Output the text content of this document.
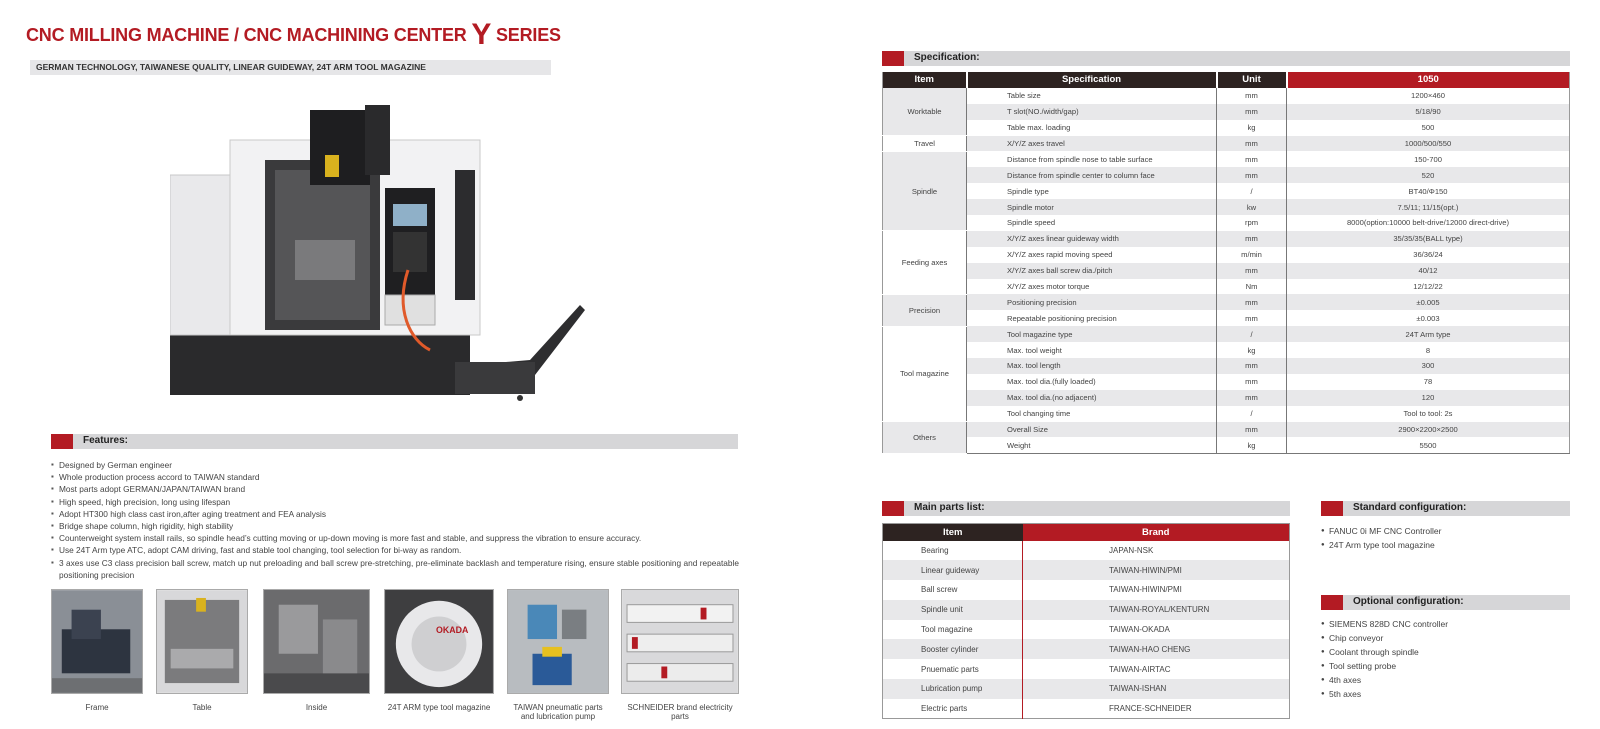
CNC MILLING MACHINE / CNC MACHINING CENTER Y SERIES
GERMAN TECHNOLOGY, TAIWANESE QUALITY, LINEAR GUIDEWAY, 24T ARM TOOL MAGAZINE
Features:
▪ Designed by German engineer
▪ Whole production process accord to TAIWAN standard
▪ Most parts adopt GERMAN/JAPAN/TAIWAN brand
▪ High speed, high precision, long using lifespan
▪ Adopt HT300 high class cast iron,after aging treatment and FEA analysis
▪ Bridge shape column, high rigidity, high stability
▪ Counterweight system install rails, so spindle head’s cutting moving or up-down moving is more fast and stable, and suppress the vibration to ensure accuracy.
▪ Use 24T Arm type ATC, adopt CAM driving, fast and stable tool changing, tool selection for bi-way as random.
▪ 3 axes use C3 class precision ball screw, match up nut preloading and ball screw pre-stretching, pre-eliminate backlash and temperature rising, ensure stable positioning and repeatable positioning precision
Frame	Table	Inside
OKADA
24T ARM type tool magazine	TAIWAN pneumatic parts and lubrication pump
SCHNEIDER brand electricity parts
Specification:
Item	Specification	Unit	1050
Worktable	Table size	mm	1200×460
	T slot(NO./width/gap)	mm	5/18/90
	Table max. loading	kg	500
Travel	X/Y/Z axes travel	mm	1000/500/550
Spindle	Distance from spindle nose to table surface	mm	150-700
	Distance from spindle center to column face	mm	520
	Spindle type	/	BT40/Φ150
	Spindle motor	kw	7.5/11; 11/15(opt.)
	Spindle speed	rpm	8000(option:10000 belt-drive/12000 direct-drive)
Feeding axes	X/Y/Z axes linear guideway width	mm	35/35/35(BALL type)
	X/Y/Z axes rapid moving speed	m/min	36/36/24
	X/Y/Z axes ball screw dia./pitch	mm	40/12
	X/Y/Z axes motor torque	Nm	12/12/22
Precision	Positioning precision	mm	±0.005
	Repeatable positioning precision	mm	±0.003
Tool magazine	Tool magazine type	/	24T Arm type
	Max. tool weight	kg	8
	Max. tool length	mm	300
	Max. tool dia.(fully loaded)	mm	78
	Max. tool dia.(no adjacent)	mm	120
	Tool changing time	/	Tool to tool: 2s
Others	Overall Size	mm	2900×2200×2500
	Weight	kg	5500
Main parts list:
Item	Brand
Bearing	JAPAN-NSK
Linear guideway	TAIWAN-HIWIN/PMI
Ball screw	TAIWAN-HIWIN/PMI
Spindle unit	TAIWAN-ROYAL/KENTURN
Tool magazine	TAIWAN-OKADA
Booster cylinder	TAIWAN-HAO CHENG
Pnuematic parts	TAIWAN-AIRTAC
Lubrication pump	TAIWAN-ISHAN
Electric parts	FRANCE-SCHNEIDER
Standard configuration:
● FANUC 0i MF CNC Controller
● 24T Arm type tool magazine
Optional configuration:
● SIEMENS 828D CNC controller
● Chip conveyor
● Coolant through spindle
● Tool setting probe
● 4th axes
● 5th axes
